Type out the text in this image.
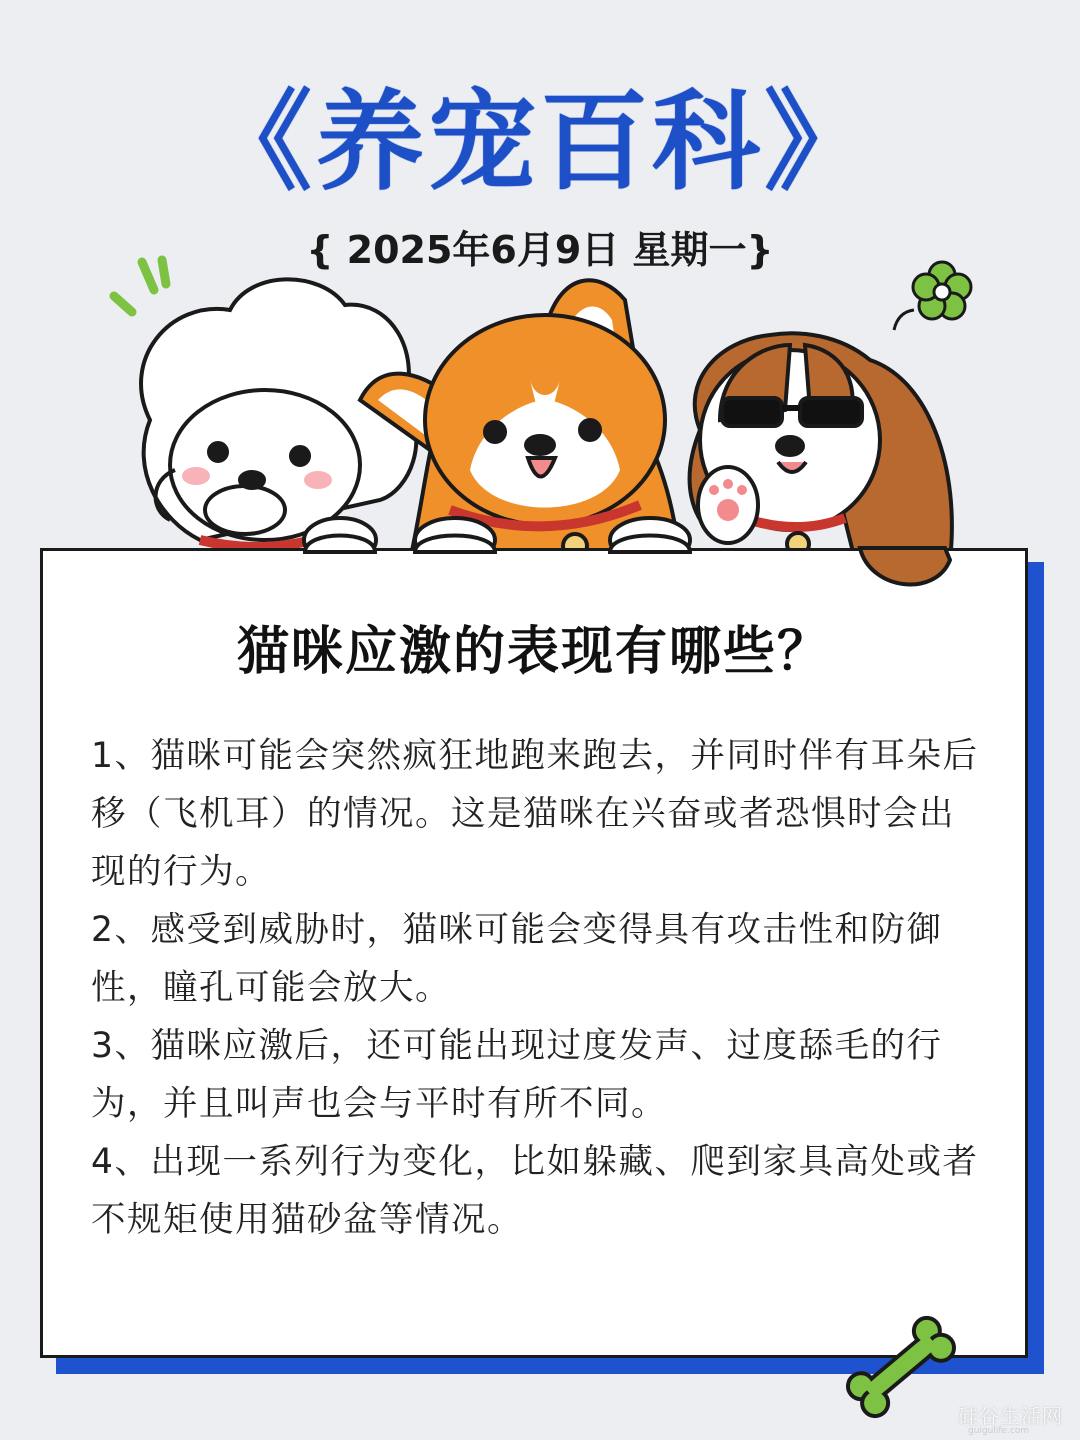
《养宠百科》
{ 2025年6月9日 星期一}
猫咪应激的表现有哪些？

1、猫咪可能会突然疯狂地跑来跑去，并同时伴有耳朵后移（飞机耳）的情况。这是猫咪在兴奋或者恐惧时会出现的行为。

2、感受到威胁时，猫咪可能会变得具有攻击性和防御性，瞳孔可能会放大。

3、猫咪应激后，还可能出现过度发声、过度舔毛的行为，并且叫声也会与平时有所不同。

4、出现一系列行为变化，比如躲藏、爬到家具高处或者不规矩使用猫砂盆等情况。

硅谷生活网
guigulife.com
